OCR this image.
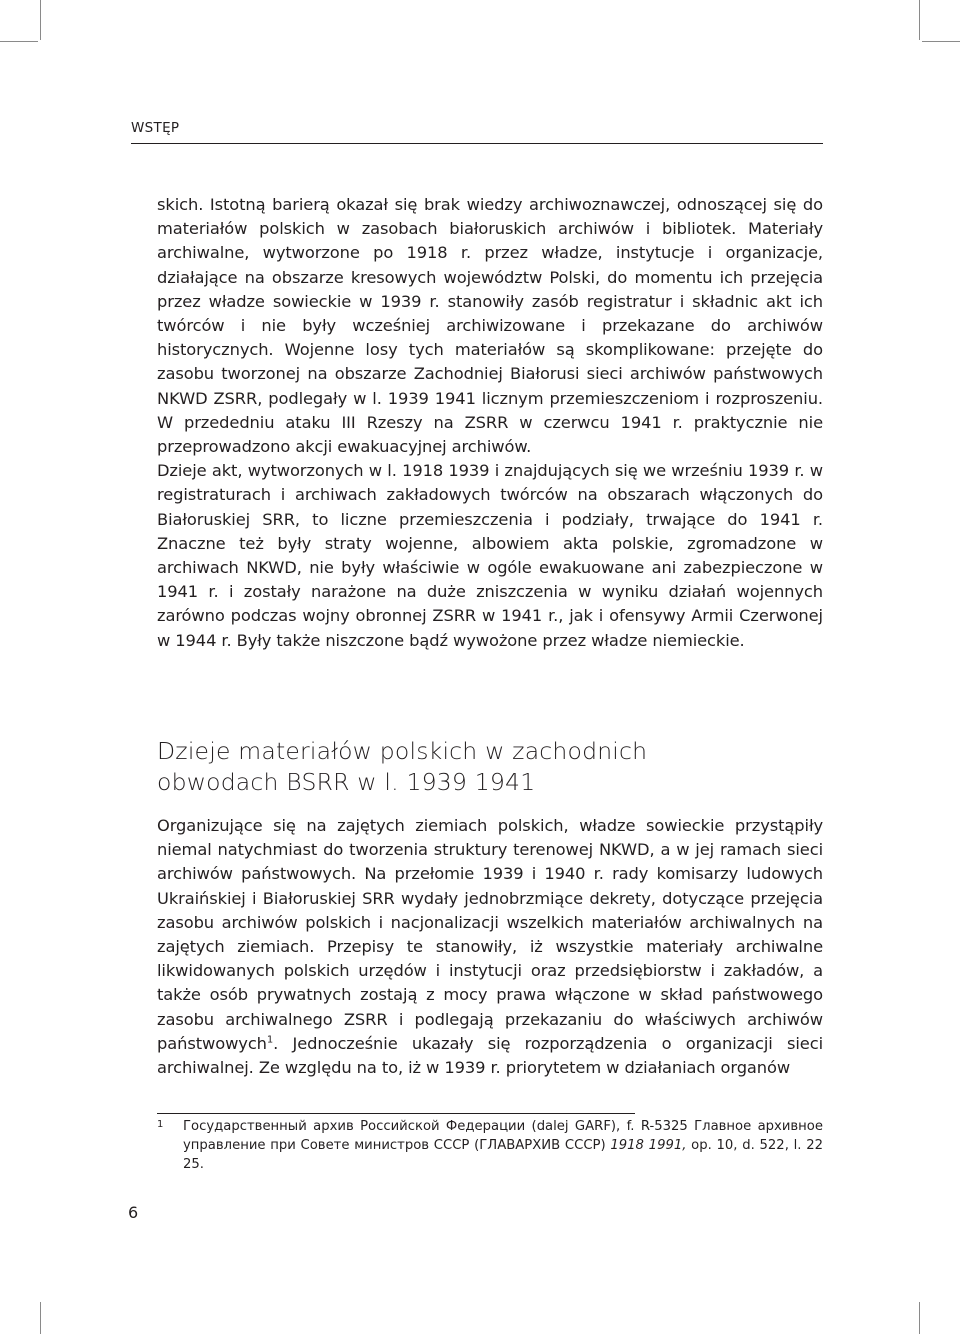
WSTĘP

skich. Istotną barierą okazał się brak wiedzy archiwoznawczej, odnoszącej się do materiałów polskich w zasobach białoruskich archiwów i bibliotek. Materiały archiwalne, wytworzone po 1918 r. przez władze, instytucje i organizacje, działające na obszarze kresowych województw Polski, do momentu ich przejęcia przez władze sowieckie w 1939 r. stanowiły zasób registratur i składnic akt ich twórców i nie były wcześniej archiwizowane i przekazane do archiwów historycznych. Wojenne losy tych materiałów są skomplikowane: przejęte do zasobu tworzonej na obszarze Zachodniej Białorusi sieci archiwów państwowych NKWD ZSRR, podlegały w l. 1939 1941 licznym przemieszczeniom i rozproszeniu. W przededniu ataku III Rzeszy na ZSRR w czerwcu 1941 r. praktycznie nie przeprowadzono akcji ewakuacyjnej archiwów.

Dzieje akt, wytworzonych w l. 1918 1939 i znajdujących się we wrześniu 1939 r. w registraturach i archiwach zakładowych twórców na obszarach włączonych do Białoruskiej SRR, to liczne przemieszczenia i podziały, trwające do 1941 r. Znaczne też były straty wojenne, albowiem akta polskie, zgromadzone w archiwach NKWD, nie były właściwie w ogóle ewakuowane ani zabezpieczone w 1941 r. i zostały narażone na duże zniszczenia w wyniku działań wojennych zarówno podczas wojny obronnej ZSRR w 1941 r., jak i ofensywy Armii Czerwonej w 1944 r. Były także niszczone bądź wywożone przez władze niemieckie.

Dzieje materiałów polskich w zachodnich
obwodach BSRR w l. 1939 1941

Organizujące się na zajętych ziemiach polskich, władze sowieckie przystąpiły niemal natychmiast do tworzenia struktury terenowej NKWD, a w jej ramach sieci archiwów państwowych. Na przełomie 1939 i 1940 r. rady komisarzy ludowych Ukraińskiej i Białoruskiej SRR wydały jednobrzmiące dekrety, dotyczące przejęcia zasobu archiwów polskich i nacjonalizacji wszelkich materiałów archiwalnych na zajętych ziemiach. Przepisy te stanowiły, iż wszystkie materiały archiwalne likwidowanych polskich urzędów i instytucji oraz przedsiębiorstw i zakładów, a także osób prywatnych zostają z mocy prawa włączone w skład państwowego zasobu archiwalnego ZSRR i podlegają przekazaniu do właściwych archiwów państwowych$^1$. Jednocześnie ukazały się rozporządzenia o organizacji sieci archiwalnej. Ze względu na to, iż w 1939 r. priorytetem w działaniach organów

1 Государственный архив Российской Федерации (dalej GARF), f. R-5325 Главное архивное управление при Совете министров СССР (ГЛАВАРХИВ СССР) 1918 1991, op. 10, d. 522, l. 22 25.
6
